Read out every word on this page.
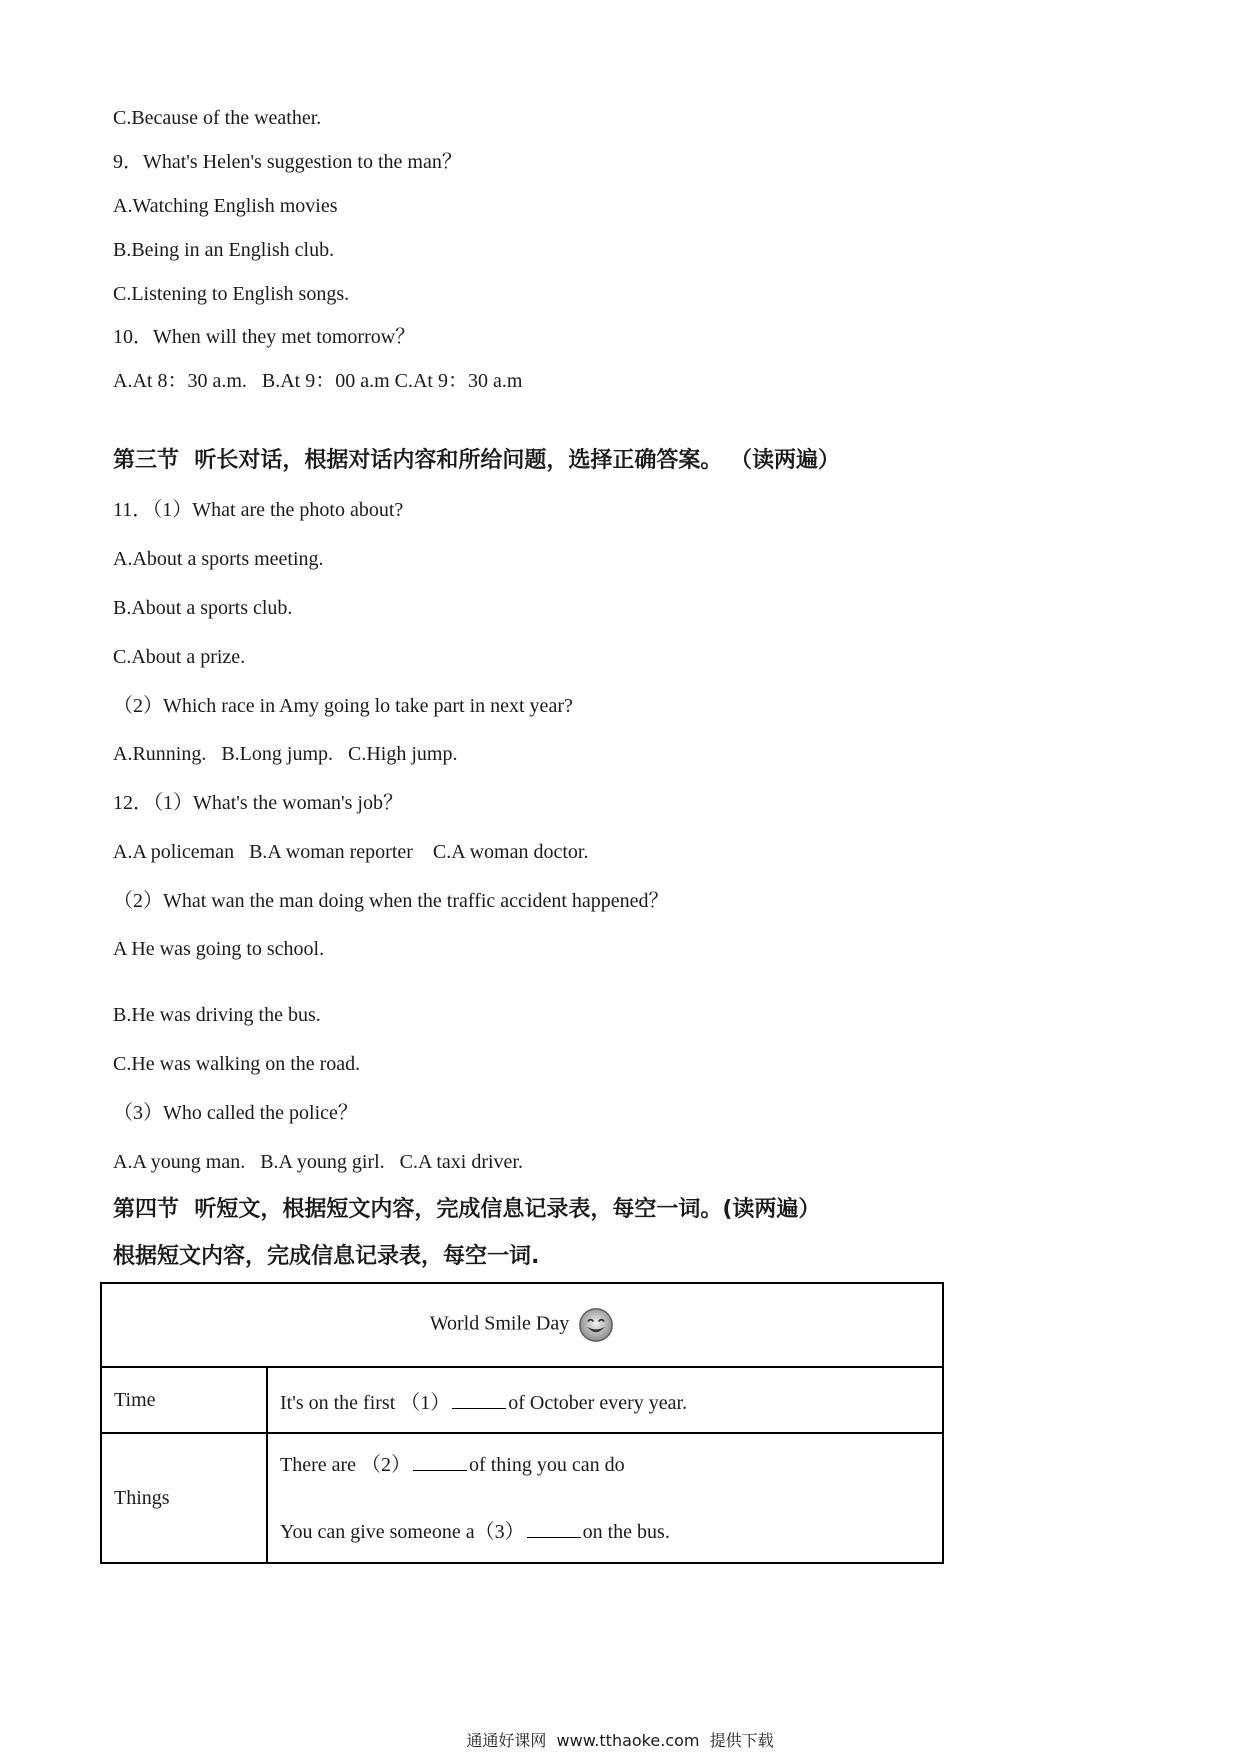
C.Because of the weather.
9．What's Helen's suggestion to the man？
A.Watching English movies
B.Being in an English club.
C.Listening to English songs.
10．When will they met tomorrow？
A.At 8：30 a.m.   B.At 9：00 a.m C.At 9：30 a.m
第三节  听长对话，根据对话内容和所给问题，选择正确答案。 （读两遍）
11．（1）What are the photo about?
A.About a sports meeting.
B.About a sports club.
C.About a prize.
（2）Which race in Amy going lo take part in next year?
A.Running.   B.Long jump.   C.High jump.
12．（1）What's the woman's job？
A.A policeman   B.A woman reporter    C.A woman doctor.
（2）What wan the man doing when the traffic accident happened？
A He was going to school.
B.He was driving the bus.
C.He was walking on the road.
（3）Who called the police？
A.A young man.   B.A young girl.   C.A taxi driver.
第四节  听短文，根据短文内容，完成信息记录表，每空一词。(读两遍）
根据短文内容，完成信息记录表，每空一词.
World Smile Day	
Time	It's on the first （1） of October every year.
Things	There are （2） of thing you can do
You can give someone a（3） on the bus.
通通好课网  www.tthaoke.com  提供下载
